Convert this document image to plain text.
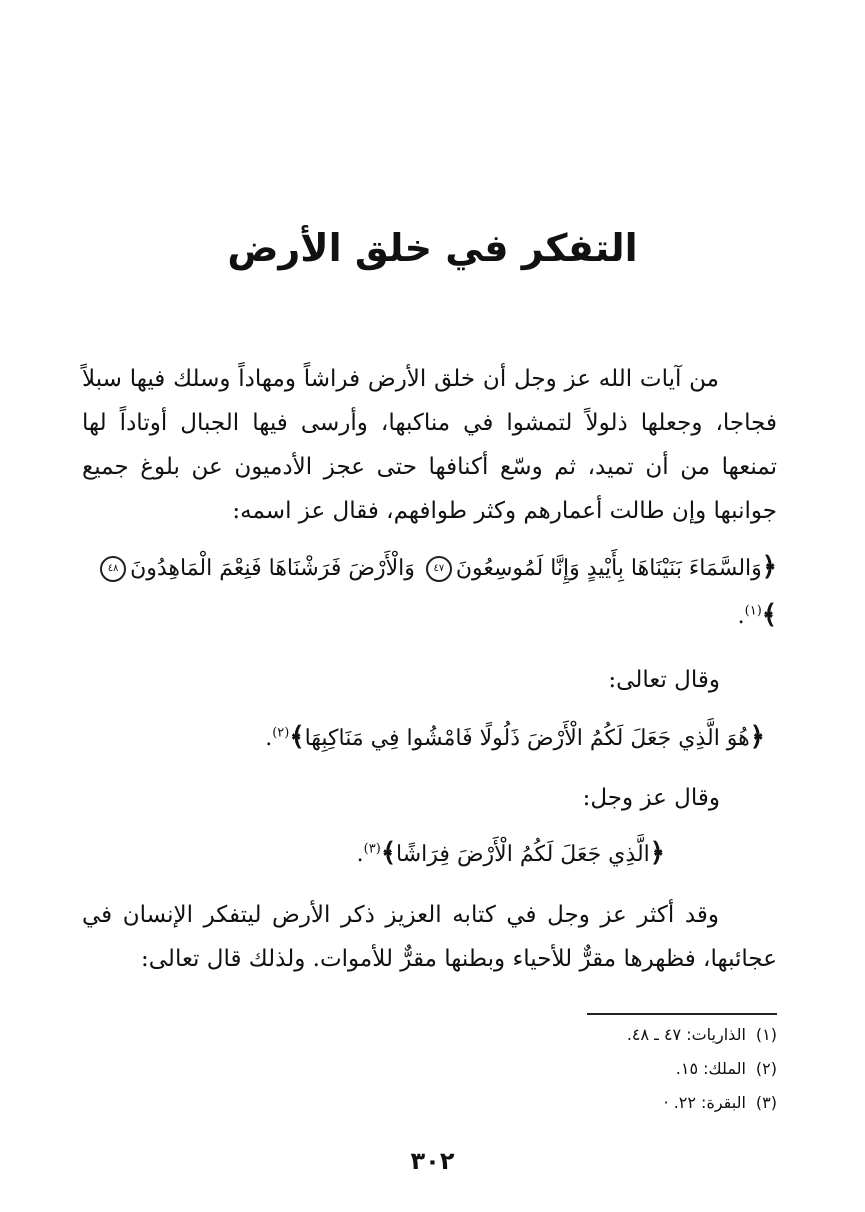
التفكر في خلق الأرض
من آيات الله عز وجل أن خلق الأرض فراشاً ومهاداً وسلك فيها سبلاً فجاجا، وجعلها ذلولاً لتمشوا في مناكبها، وأرسى فيها الجبال أوتاداً لها تمنعها من أن تميد، ثم وسّع أكنافها حتى عجز الأدميون عن بلوغ جميع جوانبها وإن طالت أعمارهم وكثر طوافهم، فقال عز اسمه:
﴿وَالسَّمَاءَ بَنَيْنَاهَا بِأَيْيدٍ وَإِنَّا لَمُوسِعُونَ٤٧ وَالْأَرْضَ فَرَشْنَاهَا فَنِعْمَ الْمَاهِدُونَ٤٨﴾$^{(١)}$.
وقال تعالى:
﴿هُوَ الَّذِي جَعَلَ لَكُمُ الْأَرْضَ ذَلُولًا فَامْشُوا فِي مَنَاكِبِهَا﴾$^{(٢)}$.
وقال عز وجل:
﴿الَّذِي جَعَلَ لَكُمُ الْأَرْضَ فِرَاشًا﴾$^{(٣)}$.
وقد أكثر عز وجل في كتابه العزيز ذكر الأرض ليتفكر الإنسان في عجائبها، فظهرها مقرٌّ للأحياء وبطنها مقرٌّ للأموات. ولذلك قال تعالى:
(١)الذاريات: ٤٧ ـ ٤٨.
(٢)الملك: ١٥.
(٣)البقرة: ٢٢. ·
٣٠٢
